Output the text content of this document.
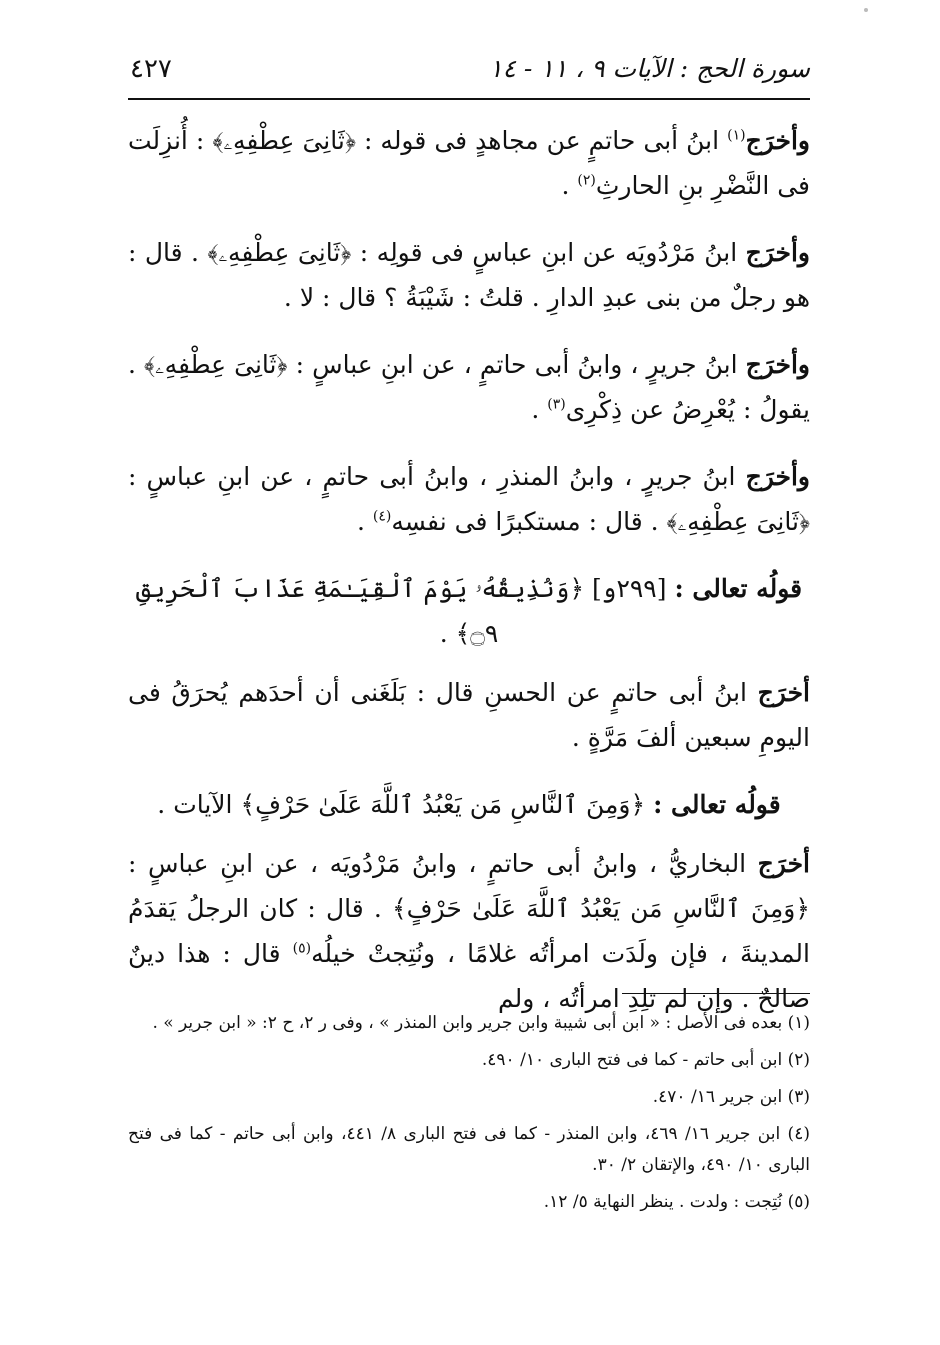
٤٢٧	سورة الحج : الآيات ٩ ، ١١ - ١٤

وأخرَج$^{(١)}$ ابنُ أبى حاتمٍ عن مجاهدٍ فى قوله : ﴿ثَانِىَ عِطْفِهِۦ﴾ : أُنزِلَت فى النَّضْرِ بنِ الحارثِ$^{(٢)}$ .

وأخرَج ابنُ مَرْدُويَه عن ابنِ عباسٍ فى قولِه : ﴿ثَانِىَ عِطْفِهِۦ﴾ . قال : هو رجلٌ من بنى عبدِ الدارِ . قلتُ : شَيْبَةُ ؟ قال : لا .

وأخرَج ابنُ جريرٍ ، وابنُ أبى حاتمٍ ، عن ابنِ عباسٍ : ﴿ثَانِىَ عِطْفِهِۦ﴾ . يقولُ : يُعْرِضُ عن ذِكْرِى$^{(٣)}$ .

وأخرَج ابنُ جريرٍ ، وابنُ المنذرِ ، وابنُ أبى حاتمٍ ، عن ابنِ عباسٍ : ﴿ثَانِىَ عِطْفِهِۦ﴾ . قال : مستكبرًا فى نفسِه$^{(٤)}$ .

قولُه تعالى : [٢٩٩و] ﴿وَنُذِيقُهُۥ يَوْمَ ٱلْقِيَـٰمَةِ عَذَابَ ٱلْحَرِيقِ ۝٩﴾ .

أخرَج ابنُ أبى حاتمٍ عن الحسنِ قال : بَلَغَنى أن أحدَهم يُحرَقُ فى اليومِ سبعين ألفَ مَرَّةٍ .

قولُه تعالى : ﴿وَمِنَ ٱلنَّاسِ مَن يَعْبُدُ ٱللَّهَ عَلَىٰ حَرْفٍ﴾ الآيات .

أخرَج البخاريُّ ، وابنُ أبى حاتمٍ ، وابنُ مَرْدُويَه ، عن ابنِ عباسٍ : ﴿وَمِنَ ٱلنَّاسِ مَن يَعْبُدُ ٱللَّهَ عَلَىٰ حَرْفٍ﴾ . قال : كان الرجلُ يَقدَمُ المدينةَ ، فإن ولَدَت امرأتُه غلامًا ، ونُتِجتْ خيلُه$^{(٥)}$ قال : هذا دينٌ صالحٌ . وإن لم تلِدِ امرأتُه ، ولم

(١) بعده فى الأصل : « ابن أبى شيبة وابن جرير وابن المنذر » ، وفى ر ٢، ح ٢: « ابن جرير » .

(٢) ابن أبى حاتم - كما فى فتح البارى ١٠/ ٤٩٠.

(٣) ابن جرير ١٦/ ٤٧٠.

(٤) ابن جرير ١٦/ ٤٦٩، وابن المنذر - كما فى فتح البارى ٨/ ٤٤١، وابن أبى حاتم - كما فى فتح البارى ١٠/ ٤٩٠، والإتقان ٢/ ٣٠.

(٥) نُتِجت : ولدت . ينظر النهاية ٥/ ١٢.
